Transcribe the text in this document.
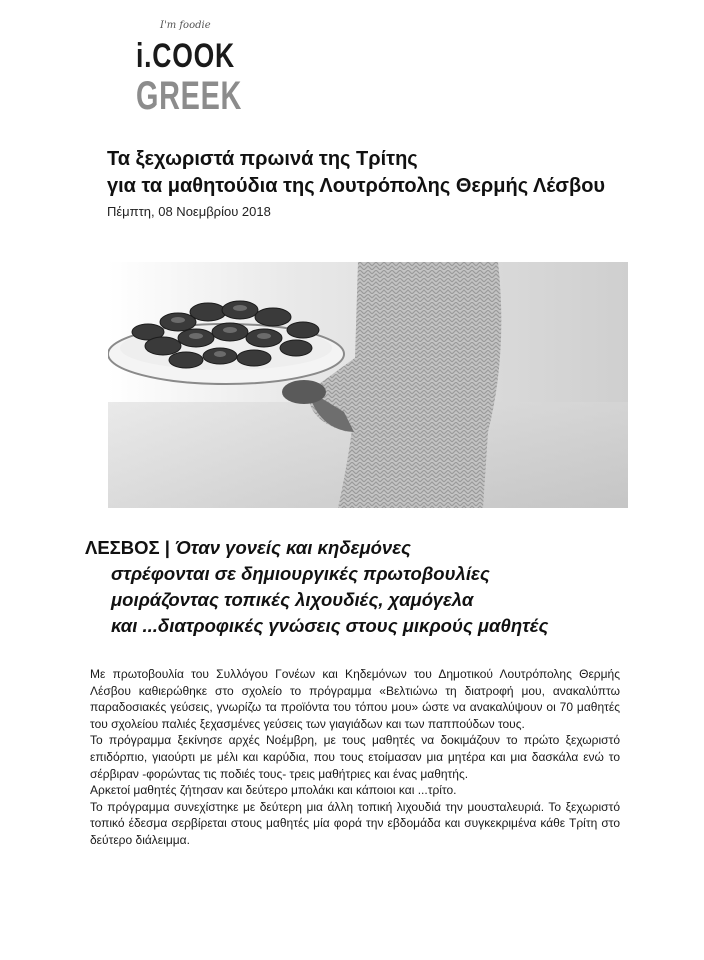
I'm foodie
i.COOK
GREEK
Τα ξεχωριστά πρωινά της Τρίτης
για τα μαθητούδια της Λουτρόπολης Θερμής Λέσβου
Πέμπτη, 08 Νοεμβρίου 2018
ΛΕΣΒΟΣ | Όταν γονείς και κηδεμόνες
στρέφονται σε δημιουργικές πρωτοβουλίες
μοιράζοντας τοπικές λιχουδιές, χαμόγελα
και ...διατροφικές γνώσεις στους μικρούς μαθητές

Με πρωτοβουλία του Συλλόγου Γονέων και Κηδεμόνων του Δημοτικού Λουτρόπολης Θερμής Λέσβου καθιερώθηκε στο σχολείο το πρόγραμμα «Βελτιώνω τη διατροφή μου, ανακαλύπτω παραδοσιακές γεύσεις, γνωρίζω τα προϊόντα του τόπου μου» ώστε να ανακαλύψουν οι 70 μαθητές του σχολείου παλιές ξεχασμένες γεύσεις των γιαγιάδων και των παππούδων τους.

Το πρόγραμμα ξεκίνησε αρχές Νοέμβρη, με τους μαθητές να δοκιμάζουν το πρώτο ξεχωριστό επιδόρπιο, γιαούρτι με μέλι και καρύδια, που τους ετοίμασαν μια μητέρα και μια δασκάλα ενώ το σέρβιραν -φορώντας τις ποδιές τους- τρεις μαθήτριες και ένας μαθητής.

Αρκετοί μαθητές ζήτησαν και δεύτερο μπολάκι και κάποιοι και ...τρίτο.

Το πρόγραμμα συνεχίστηκε με δεύτερη μια άλλη τοπική λιχουδιά την μουσταλευριά. Το ξεχωριστό τοπικό έδεσμα σερβίρεται στους μαθητές μία φορά την εβδομάδα και συγκεκριμένα κάθε Τρίτη στο δεύτερο διάλειμμα.
